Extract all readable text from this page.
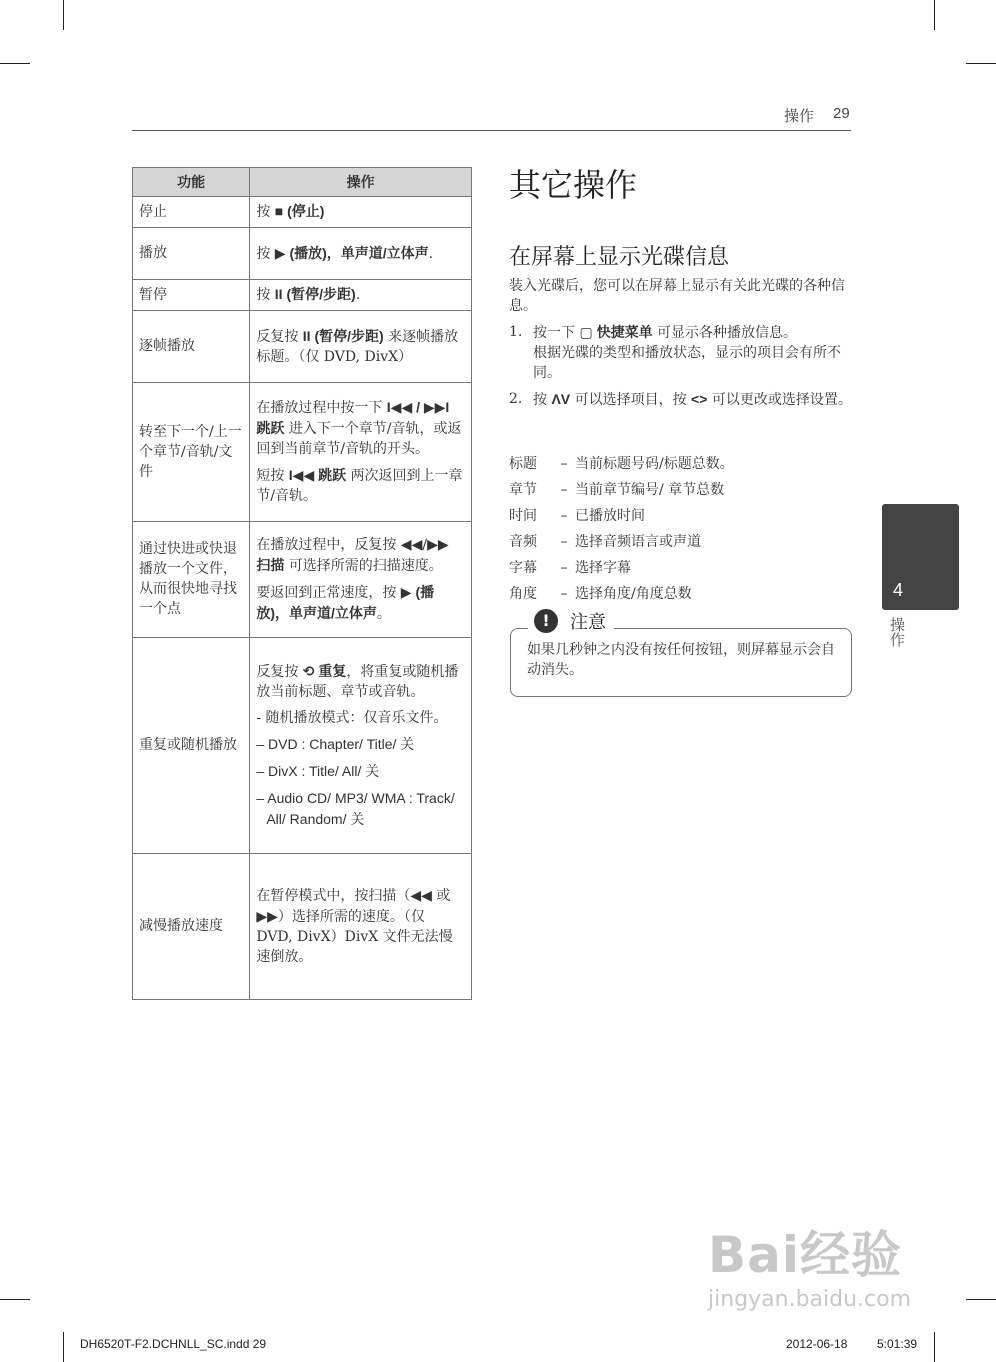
操作 29
功能	操作
停止	按 ■ (停止)

播放	按 ▶ (播放)，单声道/立体声.

暂停	按 II (暂停/步距).

逐帧播放	反复按 II (暂停/步距) 来逐帧播放标题。（仅 DVD, DivX）

转至下一个/上一个章节/音轨/文件	在播放过程中按一下 I◀◀ / ▶▶I 跳跃 进入下一个章节/音轨，或返回到当前章节/音轨的开头。

短按 I◀◀ 跳跃 两次返回到上一章节/音轨。

通过快进或快退播放一个文件，从而很快地寻找一个点	在播放过程中，反复按 ◀◀/▶▶ 扫描 可选择所需的扫描速度。

要返回到正常速度，按 ▶ (播放)，单声道/立体声。

重复或随机播放	反复按 ⟲ 重复，将重复或随机播放当前标题、章节或音轨。

- 随机播放模式：仅音乐文件。

– DVD : Chapter/ Title/ 关

– DivX : Title/ All/ 关

– Audio CD/ MP3/ WMA : Track/ All/ Random/ 关

减慢播放速度	在暂停模式中，按扫描（◀◀ 或 ▶▶）选择所需的速度。（仅 DVD, DivX）DivX 文件无法慢速倒放。

其它操作
在屏幕上显示光碟信息

装入光碟后，您可以在屏幕上显示有关此光碟的各种信息。

1. 按一下 ▢ 快捷菜单 可显示各种播放信息。

根据光碟的类型和播放状态，显示的项目会有所不同。

2. 按 ΛV 可以选择项目，按 <> 可以更改或选择设置。

标题	– 当前标题号码/标题总数。
章节	– 当前章节编号/ 章节总数
时间	– 已播放时间
音频	– 选择音频语言或声道
字幕	– 选择字幕
角度	– 选择角度/角度总数
!	注意
如果几秒钟之内没有按任何按钮，则屏幕显示会自动消失。
4
操作
Bai经验
jingyan.baidu.com
DH6520T-F2.DCHNLL_SC.indd 29	2012-06-18 5:01:39
